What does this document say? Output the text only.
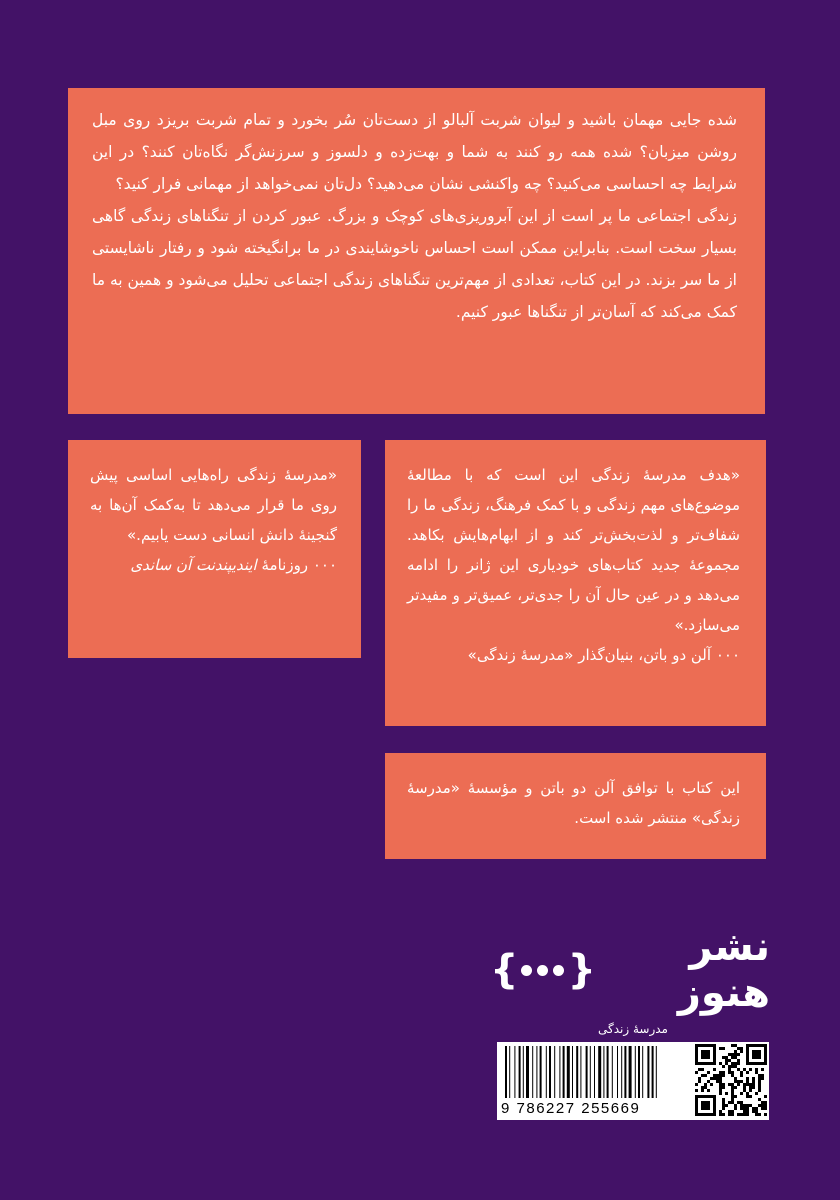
شده جایی مهمان باشید و لیوان شربت آلبالو از دست‌تان سُر بخورد و تمام شربت بریزد روی مبل روشن میزبان؟ شده همه رو کنند به شما و بهت‌زده و دلسوز و سرزنش‌گر نگاه‌تان کنند؟ در این شرایط چه احساسی می‌کنید؟ چه واکنشی نشان می‌دهید؟ دل‌تان نمی‌خواهد از مهمانی فرار کنید؟

زندگی اجتماعی ما پر است از این آبروریزی‌های کوچک و بزرگ. عبور کردن از تنگناهای زندگی گاهی بسیار سخت است. بنابراین ممکن است احساس ناخوشایندی در ما برانگیخته شود و رفتار ناشایستی از ما سر بزند. در این کتاب، تعدادی از مهم‌ترین تنگناهای زندگی اجتماعی تحلیل می‌شود و همین به ما کمک می‌کند که آسان‌تر از تنگناها عبور کنیم.

«هدف مدرسهٔ زندگی این است که با مطالعهٔ موضوع‌های مهم زندگی و با کمک فرهنگ، زندگی ما را شفاف‌تر و لذت‌بخش‌تر کند و از ابهام‌هایش بکاهد. مجموعهٔ جدید کتاب‌های خودیاری این ژانر را ادامه می‌دهد و در عین حال آن را جدی‌تر، عمیق‌تر و مفیدتر می‌سازد.»

۰۰۰ آلن دو باتن، بنیان‌گذار «مدرسهٔ زندگی»

«مدرسهٔ زندگی راه‌هایی اساسی پیش روی ما قرار می‌دهد تا به‌کمک آن‌ها به گنجینهٔ دانش انسانی دست یابیم.»

۰۰۰ روزنامهٔ ایندیپندنت آن ساندی

این کتاب با توافق آلن دو باتن و مؤسسهٔ «مدرسهٔ زندگی» منتشر شده است.

{ }	نشر هنوز
مدرسهٔ زندگی
9 786227 255669
